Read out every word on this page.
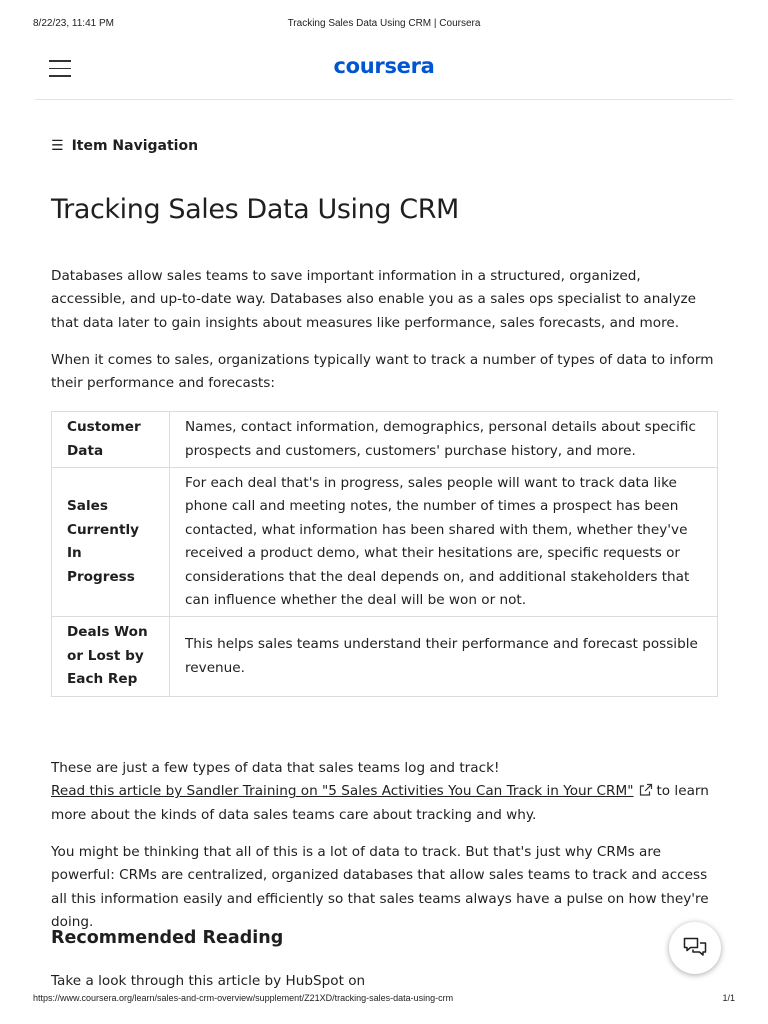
8/22/23, 11:41 PM	Tracking Sales Data Using CRM | Coursera
coursera
☰ Item Navigation
Tracking Sales Data Using CRM

Databases allow sales teams to save important information in a structured, organized, accessible, and up-to-date way. Databases also enable you as a sales ops specialist to analyze that data later to gain insights about measures like performance, sales forecasts, and more.

When it comes to sales, organizations typically want to track a number of types of data to inform their performance and forecasts:

Customer Data	Names, contact information, demographics, personal details about specific prospects and customers, customers' purchase history, and more.
Sales Currently In Progress	For each deal that's in progress, sales people will want to track data like phone call and meeting notes, the number of times a prospect has been contacted, what information has been shared with them, whether they've received a product demo, what their hesitations are, specific requests or considerations that the deal depends on, and additional stakeholders that can influence whether the deal will be won or not.
Deals Won or Lost by Each Rep	This helps sales teams understand their performance and forecast possible revenue.

These are just a few types of data that sales teams log and track!
Read this article by Sandler Training on "5 Sales Activities You Can Track in Your CRM" to learn more about the kinds of data sales teams care about tracking and why.

You might be thinking that all of this is a lot of data to track. But that's just why CRMs are powerful: CRMs are centralized, organized databases that allow sales teams to track and access all this information easily and efficiently so that sales teams always have a pulse on how they're doing.

Recommended Reading

Take a look through this article by HubSpot on

https://www.coursera.org/learn/sales-and-crm-overview/supplement/Z21XD/tracking-sales-data-using-crm	1/1
